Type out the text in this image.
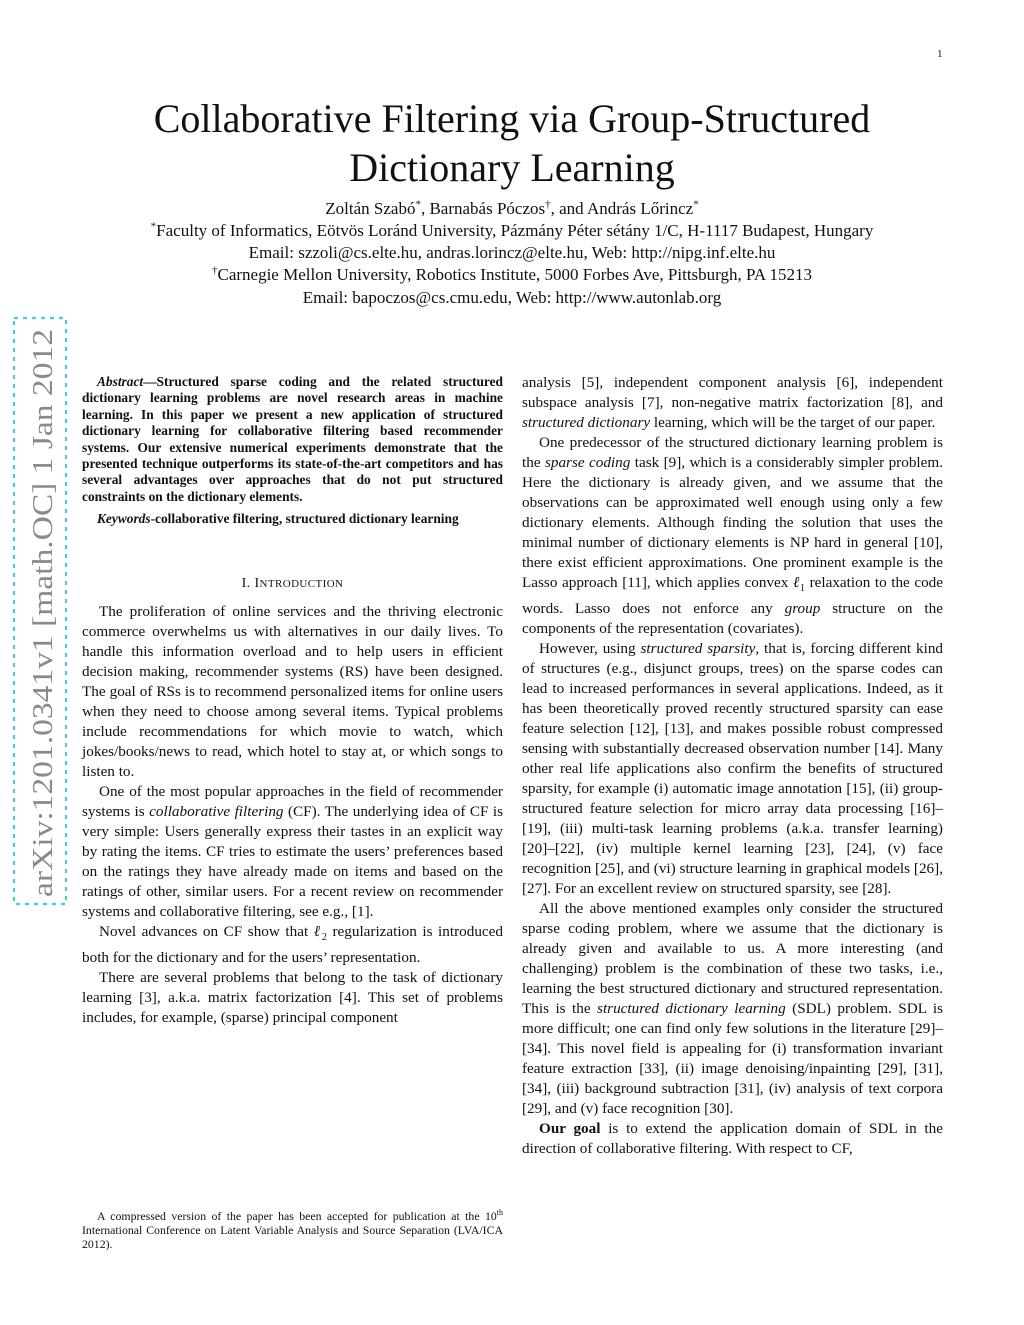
1
arXiv:1201.0341v1 [math.OC] 1 Jan 2012
Collaborative Filtering via Group-Structured
Dictionary Learning
Zoltán Szabó*, Barnabás Póczos†, and András Lőrincz*
*Faculty of Informatics, Eötvös Loránd University, Pázmány Péter sétány 1/C, H-1117 Budapest, Hungary
Email: szzoli@cs.elte.hu, andras.lorincz@elte.hu, Web: http://nipg.inf.elte.hu
†Carnegie Mellon University, Robotics Institute, 5000 Forbes Ave, Pittsburgh, PA 15213
Email: bapoczos@cs.cmu.edu, Web: http://www.autonlab.org

Abstract—Structured sparse coding and the related structured dictionary learning problems are novel research areas in machine learning. In this paper we present a new application of structured dictionary learning for collaborative filtering based recommender systems. Our extensive numerical experiments demonstrate that the presented technique outperforms its state-of-the-art competitors and has several advantages over approaches that do not put structured constraints on the dictionary elements.

Keywords-collaborative filtering, structured dictionary learning

I. INTRODUCTION

The proliferation of online services and the thriving electronic commerce overwhelms us with alternatives in our daily lives. To handle this information overload and to help users in efficient decision making, recommender systems (RS) have been designed. The goal of RSs is to recommend personalized items for online users when they need to choose among several items. Typical problems include recommendations for which movie to watch, which jokes/books/news to read, which hotel to stay at, or which songs to listen to.

One of the most popular approaches in the field of recommender systems is collaborative filtering (CF). The underlying idea of CF is very simple: Users generally express their tastes in an explicit way by rating the items. CF tries to estimate the users’ preferences based on the ratings they have already made on items and based on the ratings of other, similar users. For a recent review on recommender systems and collaborative filtering, see e.g., [1].

Novel advances on CF show that ℓ$_2$ regularization is introduced both for the dictionary and for the users’ representation.

There are several problems that belong to the task of dictionary learning [3], a.k.a. matrix factorization [4]. This set of problems includes, for example, (sparse) principal component

analysis [5], independent component analysis [6], independent subspace analysis [7], non-negative matrix factorization [8], and structured dictionary learning, which will be the target of our paper.

One predecessor of the structured dictionary learning problem is the sparse coding task [9], which is a considerably simpler problem. Here the dictionary is already given, and we assume that the observations can be approximated well enough using only a few dictionary elements. Although finding the solution that uses the minimal number of dictionary elements is NP hard in general [10], there exist efficient approximations. One prominent example is the Lasso approach [11], which applies convex ℓ$_1$ relaxation to the code words. Lasso does not enforce any group structure on the components of the representation (covariates).

However, using structured sparsity, that is, forcing different kind of structures (e.g., disjunct groups, trees) on the sparse codes can lead to increased performances in several applications. Indeed, as it has been theoretically proved recently structured sparsity can ease feature selection [12], [13], and makes possible robust compressed sensing with substantially decreased observation number [14]. Many other real life applications also confirm the benefits of structured sparsity, for example (i) automatic image annotation [15], (ii) group-structured feature selection for micro array data processing [16]–[19], (iii) multi-task learning problems (a.k.a. transfer learning) [20]–[22], (iv) multiple kernel learning [23], [24], (v) face recognition [25], and (vi) structure learning in graphical models [26], [27]. For an excellent review on structured sparsity, see [28].

All the above mentioned examples only consider the structured sparse coding problem, where we assume that the dictionary is already given and available to us. A more interesting (and challenging) problem is the combination of these two tasks, i.e., learning the best structured dictionary and structured representation. This is the structured dictionary learning (SDL) problem. SDL is more difficult; one can find only few solutions in the literature [29]–[34]. This novel field is appealing for (i) transformation invariant feature extraction [33], (ii) image denoising/inpainting [29], [31], [34], (iii) background subtraction [31], (iv) analysis of text corpora [29], and (v) face recognition [30].

Our goal is to extend the application domain of SDL in the direction of collaborative filtering. With respect to CF,

A compressed version of the paper has been accepted for publication at the 10th International Conference on Latent Variable Analysis and Source Separation (LVA/ICA 2012).
